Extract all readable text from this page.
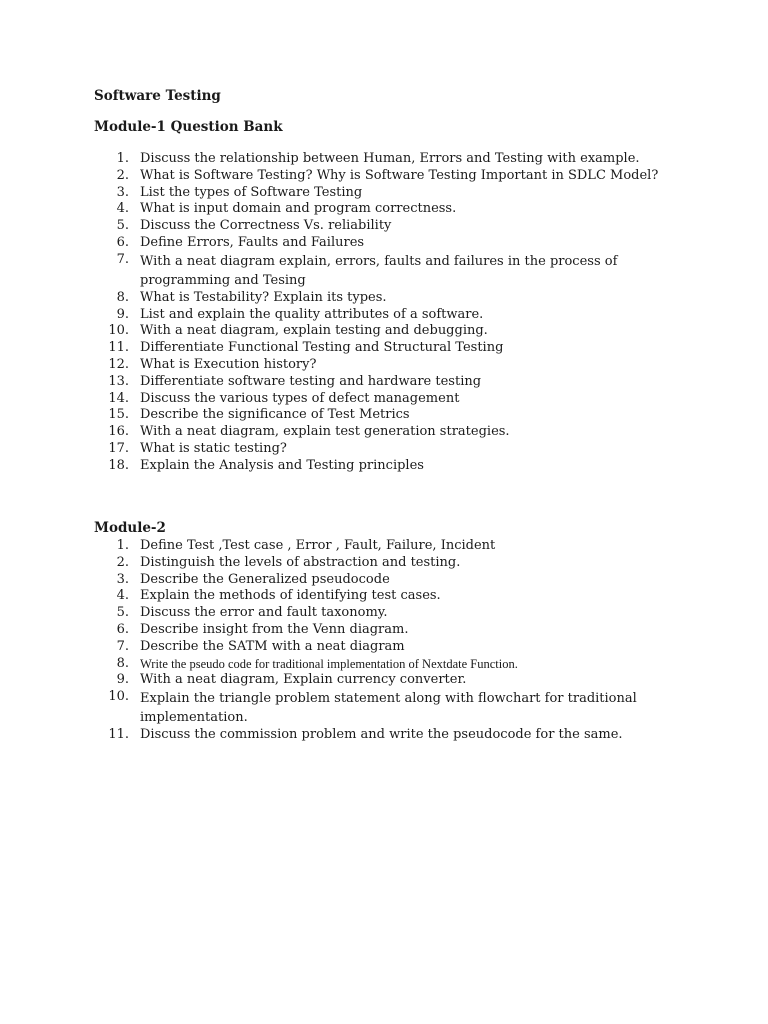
Software Testing
Module-1 Question Bank
1. Discuss the relationship between Human, Errors and Testing with example.
2. What is Software Testing? Why is Software Testing Important in SDLC Model?
3. List the types of Software Testing
4. What is input domain and program correctness.
5. Discuss the Correctness Vs. reliability
6. Define Errors, Faults and Failures
7. With a neat diagram explain, errors, faults and failures in the process of programming and Tesing
8. What is Testability? Explain its types.
9. List and explain the quality attributes of a software.
10. With a neat diagram, explain testing and debugging.
11. Differentiate Functional Testing and Structural Testing
12. What is Execution history?
13. Differentiate software testing and hardware testing
14. Discuss the various types of defect management
15. Describe the significance of Test Metrics
16. With a neat diagram, explain test generation strategies.
17. What is static testing?
18. Explain the Analysis and Testing principles
Module-2
1. Define Test ,Test case , Error , Fault, Failure, Incident
2. Distinguish the levels of abstraction and testing.
3. Describe the Generalized pseudocode
4. Explain the methods of identifying test cases.
5. Discuss the error and fault taxonomy.
6. Describe insight from the Venn diagram.
7. Describe the SATM with a neat diagram
8. Write the pseudo code for traditional implementation of Nextdate Function.
9. With a neat diagram, Explain currency converter.
10. Explain the triangle problem statement along with flowchart for traditional implementation.
11. Discuss the commission problem and write the pseudocode for the same.
